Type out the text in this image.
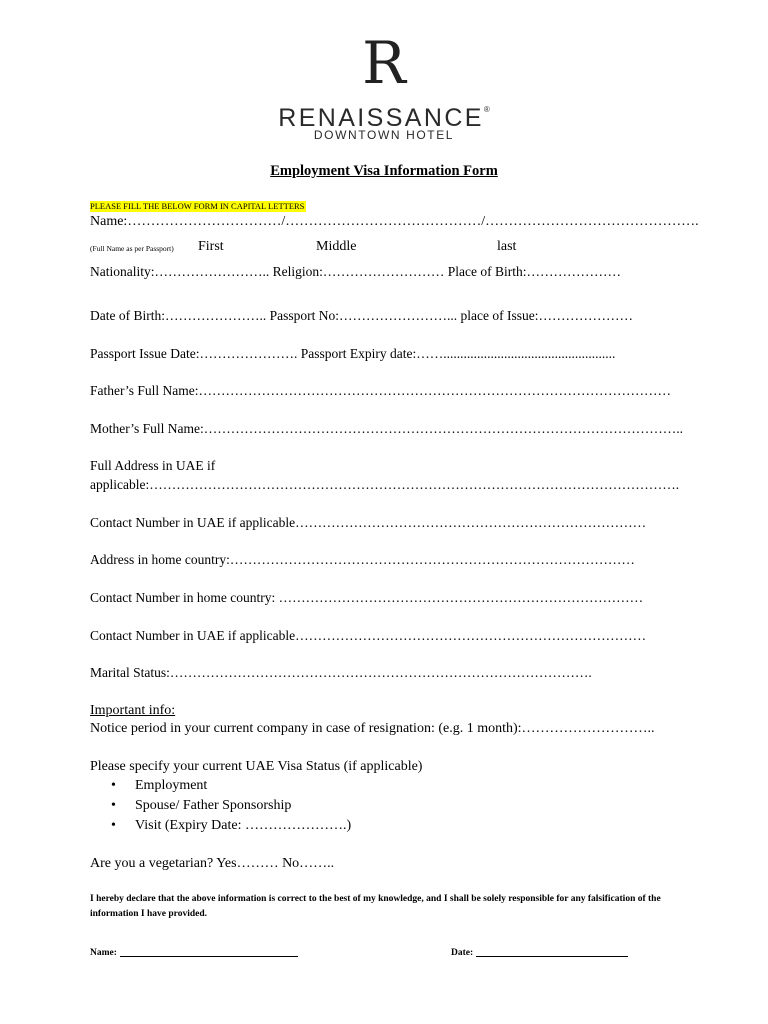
R
RENAISSANCE®
DOWNTOWN HOTEL
Employment Visa Information Form
PLEASE FILL THE BELOW FORM IN CAPITAL LETTERS
Name:……………………………/……………………………………/……………………………………….
(Full Name as per Passport) First	Middle	last
Nationality:…………………….. Religion:……………………… Place of Birth:…………………
Date of Birth:………………….. Passport No:……………………... place of Issue:…………………
Passport Issue Date:…………………. Passport Expiry date:……...................................................
Father’s Full Name:……………………………………………………………………………………………
Mother’s Full Name:……………………………………………………………………………………………..
Full Address in UAE if
applicable:……………………………………………………………………………………………………….
Contact Number in UAE if applicable……………………………………………………………………
Address in home country:………………………………………………………………………………
Contact Number in home country: ………………………………………………………………………
Contact Number in UAE if applicable……………………………………………………………………
Marital Status:………………………………………………………………………………….
Important info:
Notice period in your current company in case of resignation: (e.g. 1 month):………………………..
Please specify your current UAE Visa Status (if applicable)
• Employment
• Spouse/ Father Sponsorship
• Visit (Expiry Date: ………………….)
Are you a vegetarian? Yes……… No……..
I hereby declare that the above information is correct to the best of my knowledge, and I shall be solely responsible for any falsification of the information I have provided.
Name:	Date:
